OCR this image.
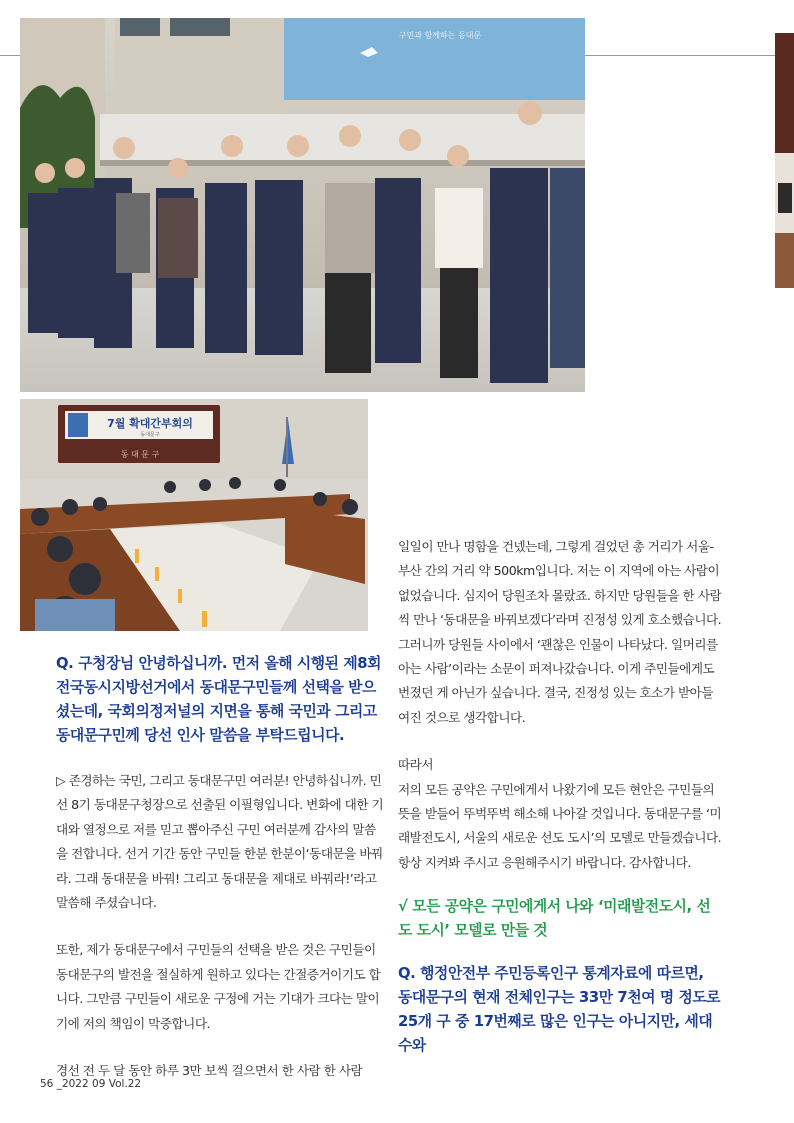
구민과 함께하는 동대문
7월 확대간부회의
동대문구
동 대 문 구

Q. 구청장님 안녕하십니까. 먼저 올해 시행된 제8회 전국동시지방선거에서 동대문구민들께 선택을 받으셨는데, 국회의정저널의 지면을 통해 국민과 그리고 동대문구민께 당선 인사 말씀을 부탁드립니다.

▷ 존경하는 국민, 그리고 동대문구민 여러분! 안녕하십니까. 민선 8기 동대문구청장으로 선출된 이필형입니다. 변화에 대한 기대와 열정으로 저를 믿고 뽑아주신 구민 여러분께 감사의 말씀을 전합니다. 선거 기간 동안 구민들 한분 한분이‘동대문을 바꿔라. 그래 동대문을 바꿔! 그리고 동대문을 제대로 바꿔라!’라고 말씀해 주셨습니다.

또한, 제가 동대문구에서 구민들의 선택을 받은 것은 구민들이 동대문구의 발전을 절실하게 원하고 있다는 간절증거이기도 합니다. 그만큼 구민들이 새로운 구정에 거는 기대가 크다는 말이기에 저의 책임이 막중합니다.

경선 전 두 달 동안 하루 3만 보씩 걸으면서 한 사람 한 사람

일일이 만나 명함을 건넸는데, 그렇게 걸었던 총 거리가 서울-부산 간의 거리 약 500km입니다. 저는 이 지역에 아는 사람이 없었습니다. 심지어 당원조차 몰랐죠. 하지만 당원들을 한 사람씩 만나 ‘동대문을 바꿔보겠다’라며 진정성 있게 호소했습니다. 그러니까 당원들 사이에서 ‘괜찮은 인물이 나타났다. 일머리를 아는 사람’이라는 소문이 퍼져나갔습니다. 이게 주민들에게도 번졌던 게 아닌가 싶습니다. 결국, 진정성 있는 호소가 받아들여진 것으로 생각합니다.

따라서

저의 모든 공약은 구민에게서 나왔기에 모든 현안은 구민들의 뜻을 받들어 뚜벅뚜벅 해소해 나아갈 것입니다. 동대문구를 ‘미래발전도시, 서울의 새로운 선도 도시’의 모델로 만들겠습니다. 항상 지켜봐 주시고 응원해주시기 바랍니다. 감사합니다.

√ 모든 공약은 구민에게서 나와 ‘미래발전도시, 선도 도시’ 모델로 만들 것

Q. 행정안전부 주민등록인구 통계자료에 따르면, 동대문구의 현재 전체인구는 33만 7천여 명 정도로 25개 구 중 17번째로 많은 인구는 아니지만, 세대수와

56 _2022 09 Vol.22
